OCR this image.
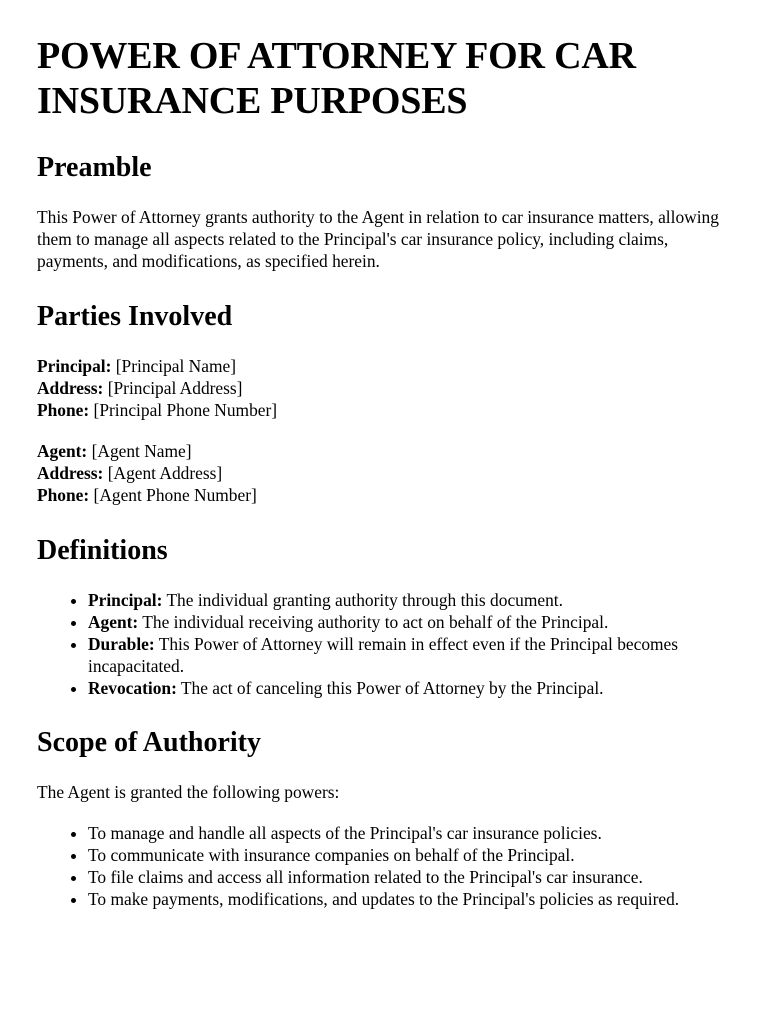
POWER OF ATTORNEY FOR CAR INSURANCE PURPOSES
Preamble

This Power of Attorney grants authority to the Agent in relation to car insurance matters, allowing them to manage all aspects related to the Principal's car insurance policy, including claims, payments, and modifications, as specified herein.

Parties Involved
Principal: [Principal Name]
Address: [Principal Address]
Phone: [Principal Phone Number]
Agent: [Agent Name]
Address: [Agent Address]
Phone: [Agent Phone Number]
Definitions
• Principal: The individual granting authority through this document.
• Agent: The individual receiving authority to act on behalf of the Principal.
• Durable: This Power of Attorney will remain in effect even if the Principal becomes incapacitated.
• Revocation: The act of canceling this Power of Attorney by the Principal.
Scope of Authority

The Agent is granted the following powers:

• To manage and handle all aspects of the Principal's car insurance policies.
• To communicate with insurance companies on behalf of the Principal.
• To file claims and access all information related to the Principal's car insurance.
• To make payments, modifications, and updates to the Principal's policies as required.
